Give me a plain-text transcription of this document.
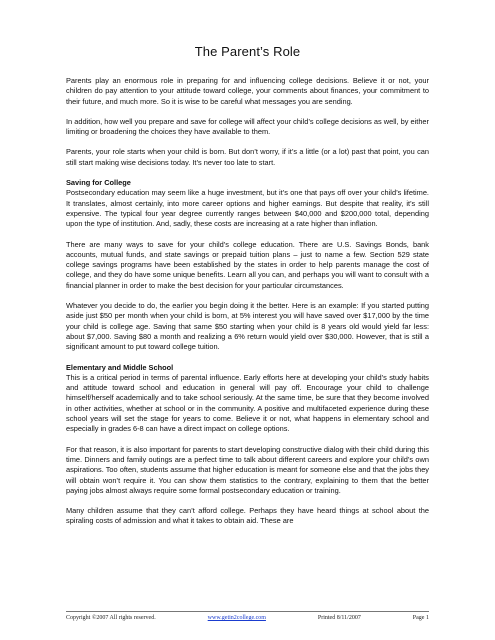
The Parent’s Role

Parents play an enormous role in preparing for and influencing college decisions. Believe it or not, your children do pay attention to your attitude toward college, your comments about finances, your commitment to their future, and much more. So it is wise to be careful what messages you are sending.

In addition, how well you prepare and save for college will affect your child’s college decisions as well, by either limiting or broadening the choices they have available to them.

Parents, your role starts when your child is born. But don’t worry, if it’s a little (or a lot) past that point, you can still start making wise decisions today. It’s never too late to start.

Saving for College

Postsecondary education may seem like a huge investment, but it’s one that pays off over your child’s lifetime. It translates, almost certainly, into more career options and higher earnings. But despite that reality, it’s still expensive. The typical four year degree currently ranges between $40,000 and $200,000 total, depending upon the type of institution. And, sadly, these costs are increasing at a rate higher than inflation.

There are many ways to save for your child’s college education. There are U.S. Savings Bonds, bank accounts, mutual funds, and state savings or prepaid tuition plans – just to name a few. Section 529 state college savings programs have been established by the states in order to help parents manage the cost of college, and they do have some unique benefits. Learn all you can, and perhaps you will want to consult with a financial planner in order to make the best decision for your particular circumstances.

Whatever you decide to do, the earlier you begin doing it the better. Here is an example: If you started putting aside just $50 per month when your child is born, at 5% interest you will have saved over $17,000 by the time your child is college age. Saving that same $50 starting when your child is 8 years old would yield far less: about $7,000. Saving $80 a month and realizing a 6% return would yield over $30,000. However, that is still a significant amount to put toward college tuition.

Elementary and Middle School

This is a critical period in terms of parental influence. Early efforts here at developing your child’s study habits and attitude toward school and education in general will pay off. Encourage your child to challenge himself/herself academically and to take school seriously. At the same time, be sure that they become involved in other activities, whether at school or in the community. A positive and multifaceted experience during these school years will set the stage for years to come. Believe it or not, what happens in elementary school and especially in grades 6-8 can have a direct impact on college options.

For that reason, it is also important for parents to start developing constructive dialog with their child during this time. Dinners and family outings are a perfect time to talk about different careers and explore your child’s own aspirations. Too often, students assume that higher education is meant for someone else and that the jobs they will obtain won’t require it. You can show them statistics to the contrary, explaining to them that the better paying jobs almost always require some formal postsecondary education or training.

Many children assume that they can’t afford college. Perhaps they have heard things at school about the spiraling costs of admission and what it takes to obtain aid. These are

Copyright ©2007 All rights reserved.	www.getin2college.com	Printed 8/11/2007	Page 1
